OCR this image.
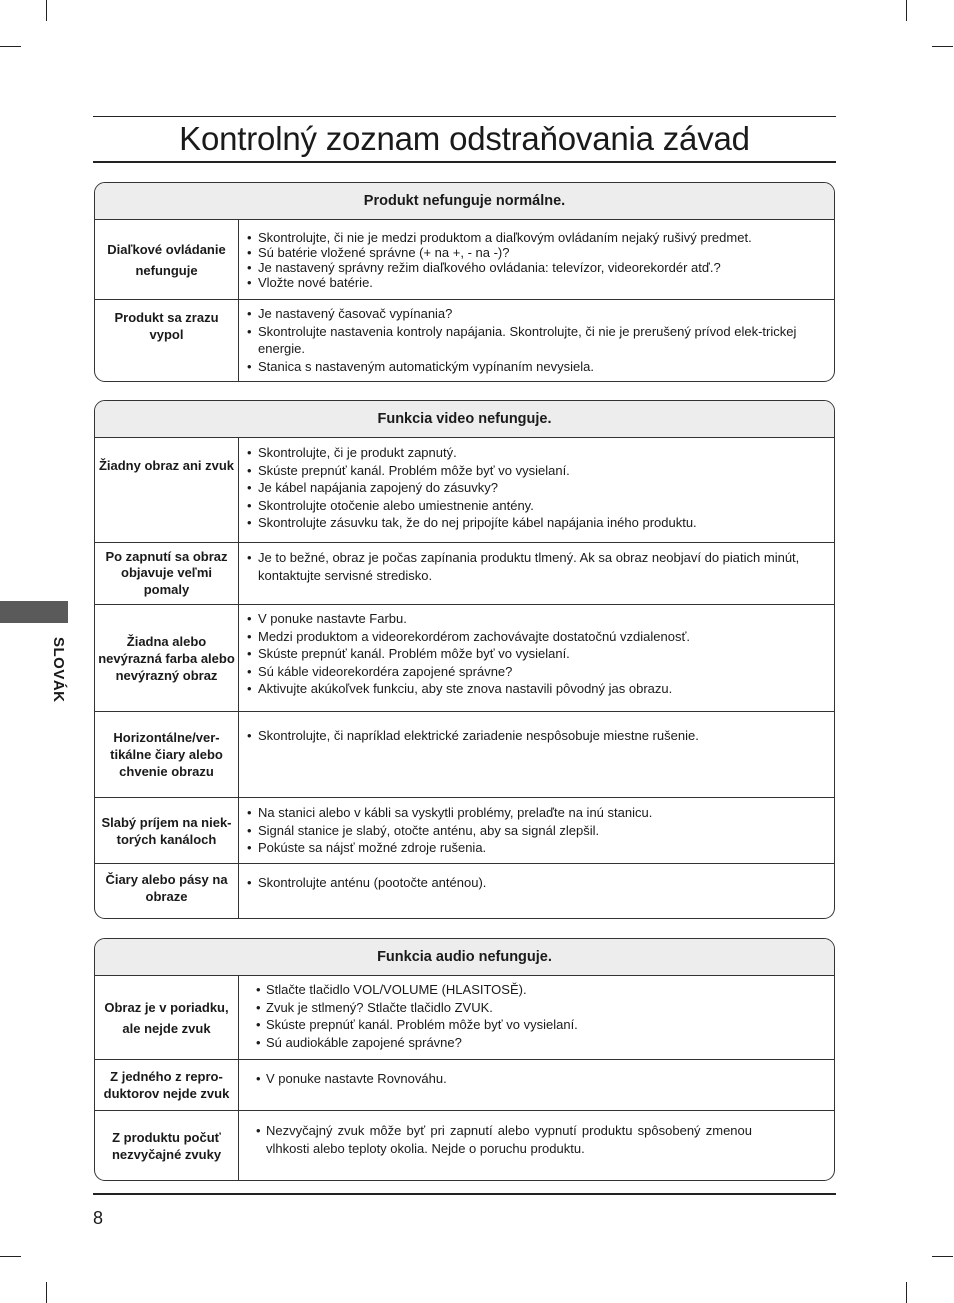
Kontrolný zoznam odstraňovania závad
Produkt nefunguje normálne.
Diaľkové ovládanie nefunguje
• Skontrolujte, či nie je medzi produktom a diaľkovým ovládaním nejaký rušivý predmet.
• Sú batérie vložené správne (+ na +, - na -)?
• Je nastavený správny režim diaľkového ovládania: televízor, videorekordér atď.?
• Vložte nové batérie.
Produkt sa zrazu vypol
• Je nastavený časovač vypínania?
• Skontrolujte nastavenia kontroly napájania. Skontrolujte, či nie je prerušený prívod elek-trickej energie.
• Stanica s nastaveným automatickým vypínaním nevysiela.
Funkcia video nefunguje.
Žiadny obraz ani zvuk
• Skontrolujte, či je produkt zapnutý.
• Skúste prepnúť kanál. Problém môže byť vo vysielaní.
• Je kábel napájania zapojený do zásuvky?
• Skontrolujte otočenie alebo umiestnenie antény.
• Skontrolujte zásuvku tak, že do nej pripojíte kábel napájania iného produktu.
Po zapnutí sa obraz objavuje veľmi pomaly
• Je to bežné, obraz je počas zapínania produktu tlmený. Ak sa obraz neobjaví do piatich minút, kontaktujte servisné stredisko.
Žiadna alebo nevýrazná farba alebo nevýrazný obraz
• V ponuke nastavte Farbu.
• Medzi produktom a videorekordérom zachovávajte dostatočnú vzdialenosť.
• Skúste prepnúť kanál. Problém môže byť vo vysielaní.
• Sú káble videorekordéra zapojené správne?
• Aktivujte akúkoľvek funkciu, aby ste znova nastavili pôvodný jas obrazu.
Horizontálne/ver-tikálne čiary alebo chvenie obrazu
• Skontrolujte, či napríklad elektrické zariadenie nespôsobuje miestne rušenie.
Slabý príjem na niek-torých kanáloch
• Na stanici alebo v kábli sa vyskytli problémy, prelaďte na inú stanicu.
• Signál stanice je slabý, otočte anténu, aby sa signál zlepšil.
• Pokúste sa nájsť možné zdroje rušenia.
Čiary alebo pásy na obraze
• Skontrolujte anténu (pootočte anténou).
Funkcia audio nefunguje.
Obraz je v poriadku, ale nejde zvuk
• Stlačte tlačidlo VOL/VOLUME (HLASITOSĚ).
• Zvuk je stlmený? Stlačte tlačidlo ZVUK.
• Skúste prepnúť kanál. Problém môže byť vo vysielaní.
• Sú audiokáble zapojené správne?
Z jedného z repro-duktorov nejde zvuk
• V ponuke nastavte Rovnováhu.
Z produktu počuť nezvyčajné zvuky
• Nezvyčajný zvuk môže byť pri zapnutí alebo vypnutí produktu spôsobený zmenou vlhkosti alebo teploty okolia. Nejde o poruchu produktu.
SLOVÁK
8
